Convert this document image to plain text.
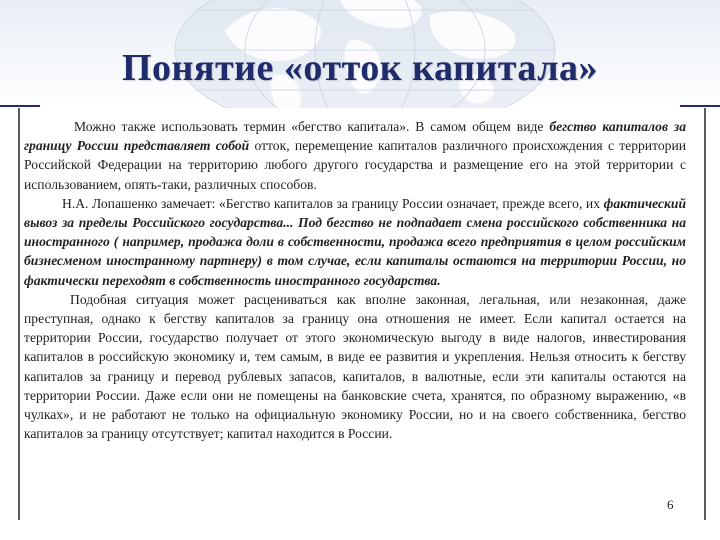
Понятие «отток капитала»

Можно также использовать термин «бегство капитала». В самом общем виде бегство капиталов за границу России представляет собой отток, перемещение капиталов различного происхождения с территории Российской Федерации на территорию любого другого государства и размещение его на этой территории с использованием, опять-таки, различных способов.

Н.А. Лопашенко замечает: «Бегство капиталов за границу России означает, прежде всего, их фактический вывоз за пределы Российского государства... Под бегство не подпадает смена российского собственника на иностранного ( например, продажа доли в собственности, продажа всего предприятия в целом российским бизнесменом иностранному партнеру) в том случае, если капиталы остаются на территории России, но фактически переходят в собственность иностранного государства.

Подобная ситуация может расцениваться как вполне законная, легальная, или незаконная, даже преступная, однако к бегству капиталов за границу она отношения не имеет. Если капитал остается на территории России, государство получает от этого экономическую выгоду в виде налогов, инвестирования капиталов в российскую экономику и, тем самым, в виде ее развития и укрепления. Нельзя относить к бегству капиталов за границу и перевод рублевых запасов, капиталов, в валютные, если эти капиталы остаются на территории России. Даже если они не помещены на банковские счета, хранятся, по образному выражению, «в чулках», и не работают не только на официальную экономику России, но и на своего собственника, бегство капиталов за границу отсутствует; капитал находится в России.

6
